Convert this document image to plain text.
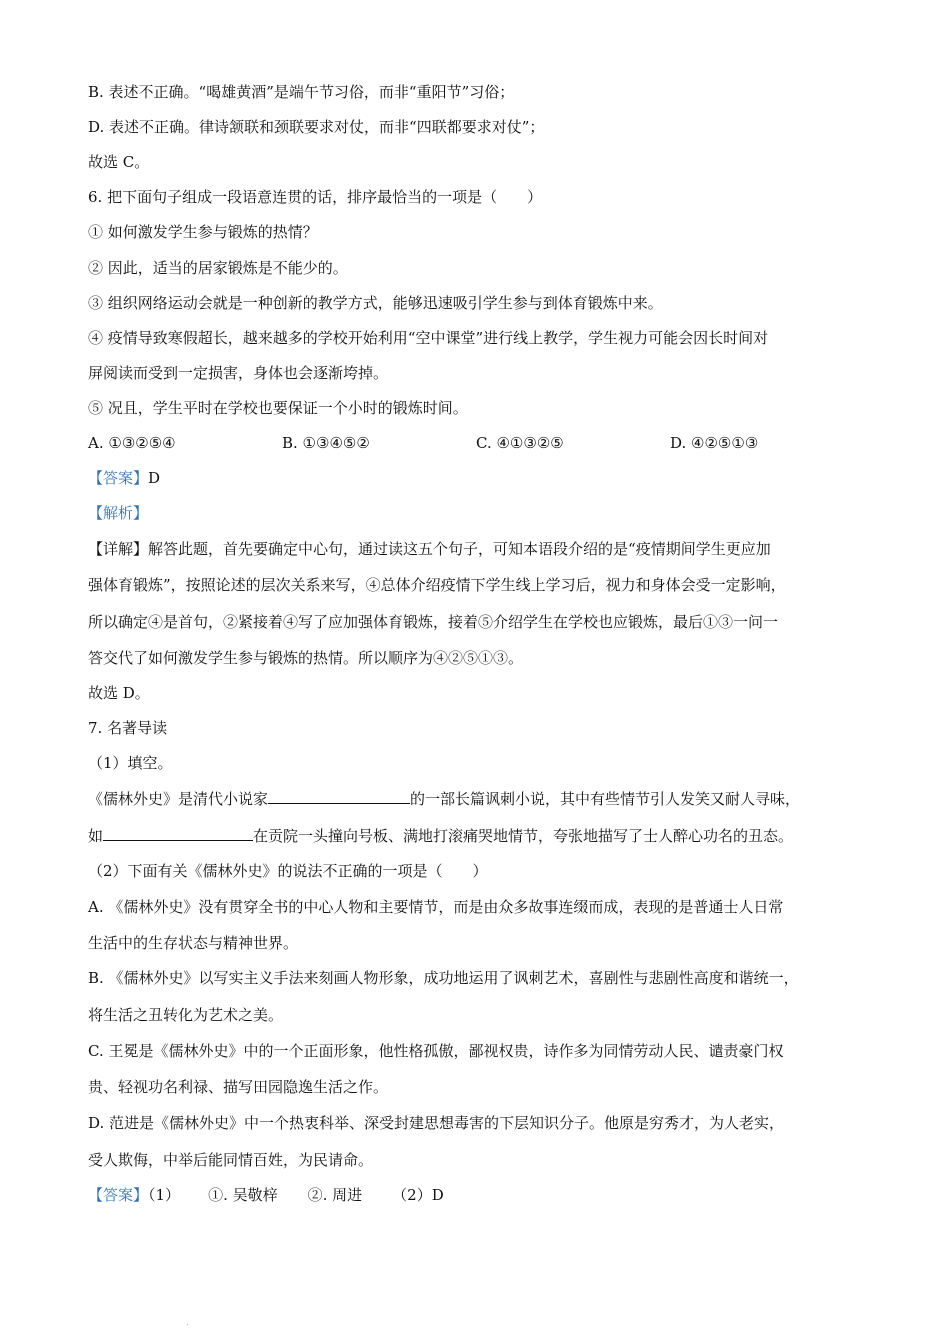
B. 表述不正确。“喝雄黄酒”是端午节习俗，而非“重阳节”习俗；
D. 表述不正确。律诗颔联和颈联要求对仗，而非“四联都要求对仗”；
故选 C。
6. 把下面句子组成一段语意连贯的话，排序最恰当的一项是（　　）
① 如何激发学生参与锻炼的热情？
② 因此，适当的居家锻炼是不能少的。
③ 组织网络运动会就是一种创新的教学方式，能够迅速吸引学生参与到体育锻炼中来。
④ 疫情导致寒假超长，越来越多的学校开始利用“空中课堂”进行线上教学，学生视力可能会因长时间对
屏阅读而受到一定损害，身体也会逐渐垮掉。
⑤ 况且，学生平时在学校也要保证一个小时的锻炼时间。
A. ①③②⑤④	B. ①③④⑤②	C. ④①③②⑤	D. ④②⑤①③
【答案】D
【解析】
【详解】解答此题，首先要确定中心句，通过读这五个句子，可知本语段介绍的是“疫情期间学生更应加
强体育锻炼”，按照论述的层次关系来写，④总体介绍疫情下学生线上学习后，视力和身体会受一定影响，
所以确定④是首句，②紧接着④写了应加强体育锻炼，接着⑤介绍学生在学校也应锻炼，最后①③一问一
答交代了如何激发学生参与锻炼的热情。所以顺序为④②⑤①③。
故选 D。
7. 名著导读
（1）填空。
《儒林外史》是清代小说家	的一部长篇讽刺小说，其中有些情节引人发笑又耐人寻味，
如	在贡院一头撞向号板、满地打滚痛哭地情节，夸张地描写了士人醉心功名的丑态。
（2）下面有关《儒林外史》的说法不正确的一项是（　　）
A. 《儒林外史》没有贯穿全书的中心人物和主要情节，而是由众多故事连缀而成，表现的是普通士人日常
生活中的生存状态与精神世界。
B. 《儒林外史》以写实主义手法来刻画人物形象，成功地运用了讽刺艺术，喜剧性与悲剧性高度和谐统一，
将生活之丑转化为艺术之美。
C. 王冕是《儒林外史》中的一个正面形象，他性格孤傲，鄙视权贵，诗作多为同情劳动人民、谴责豪门权
贵、轻视功名利禄、描写田园隐逸生活之作。
D. 范进是《儒林外史》中一个热衷科举、深受封建思想毒害的下层知识分子。他原是穷秀才，为人老实，
受人欺侮，中举后能同情百姓，为民请命。
【答案】（1） ①. 吴敬梓 ②. 周进 （2）D
.
